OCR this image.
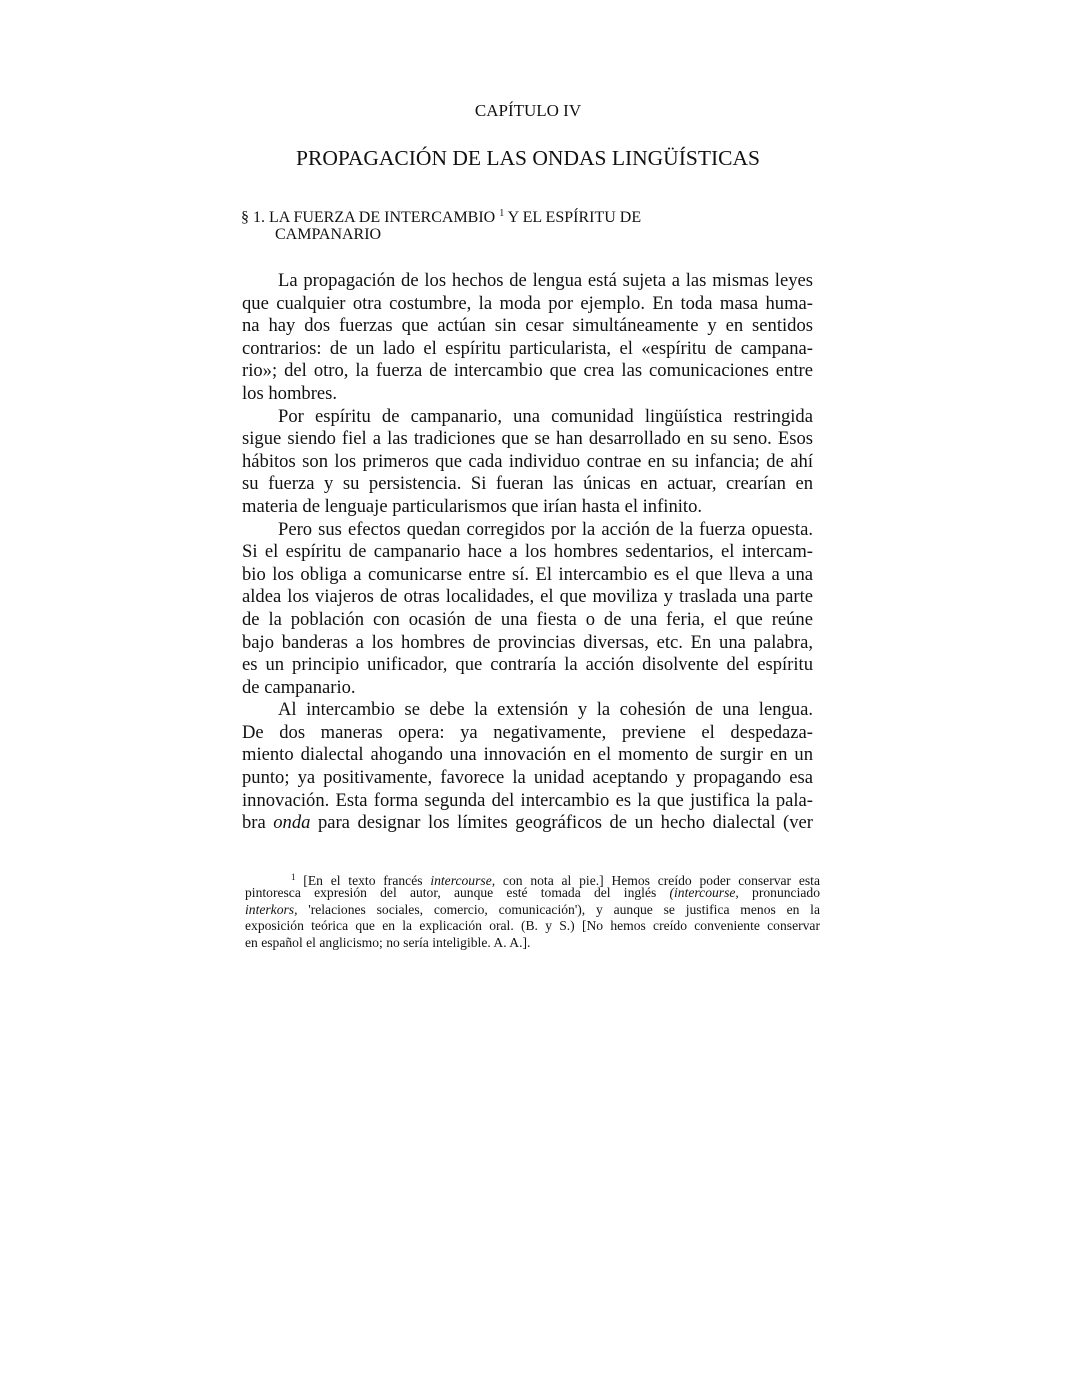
CAPÍTULO IV
PROPAGACIÓN DE LAS ONDAS LINGÜÍSTICAS
§ 1. LA FUERZA DE INTERCAMBIO $^1$ Y EL ESPÍRITU DE
CAMPANARIO
La propagación de los hechos de lengua está sujeta a las mismas leyes
que cualquier otra costumbre, la moda por ejemplo. En toda masa huma-
na hay dos fuerzas que actúan sin cesar simultáneamente y en sentidos
contrarios: de un lado el espíritu particularista, el «espíritu de campana-
rio»; del otro, la fuerza de intercambio que crea las comunicaciones entre
los hombres.
Por espíritu de campanario, una comunidad lingüística restringida
sigue siendo fiel a las tradiciones que se han desarrollado en su seno. Esos
hábitos son los primeros que cada individuo contrae en su infancia; de ahí
su fuerza y su persistencia. Si fueran las únicas en actuar, crearían en
materia de lenguaje particularismos que irían hasta el infinito.
Pero sus efectos quedan corregidos por la acción de la fuerza opuesta.
Si el espíritu de campanario hace a los hombres sedentarios, el intercam-
bio los obliga a comunicarse entre sí. El intercambio es el que lleva a una
aldea los viajeros de otras localidades, el que moviliza y traslada una parte
de la población con ocasión de una fiesta o de una feria, el que reúne
bajo banderas a los hombres de provincias diversas, etc. En una palabra,
es un principio unificador, que contraría la acción disolvente del espíritu
de campanario.
Al intercambio se debe la extensión y la cohesión de una lengua.
De dos maneras opera: ya negativamente, previene el despedaza-
miento dialectal ahogando una innovación en el momento de surgir en un
punto; ya positivamente, favorece la unidad aceptando y propagando esa
innovación. Esta forma segunda del intercambio es la que justifica la pala-
bra onda para designar los límites geográficos de un hecho dialectal (ver
$^1$ [En el texto francés intercourse, con nota al pie.] Hemos creído poder conservar esta
pintoresca expresión del autor, aunque esté tomada del inglés (intercourse, pronunciado
interkors, 'relaciones sociales, comercio, comunicación'), y aunque se justifica menos en la
exposición teórica que en la explicación oral. (B. y S.) [No hemos creído conveniente conservar
en español el anglicismo; no sería inteligible. A. A.].
